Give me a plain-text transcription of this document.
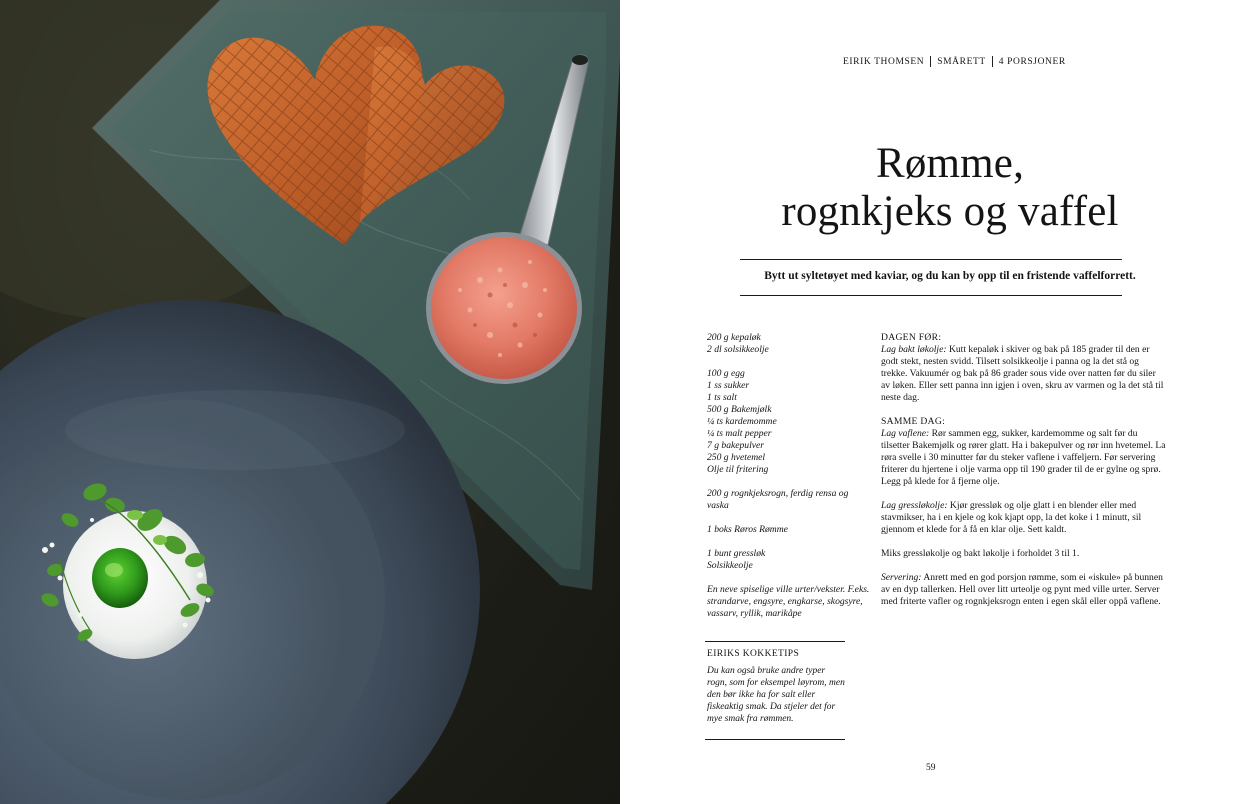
EIRIK THOMSEN SMÅRETT 4 PORSJONER
Rømme,
rognkjeks og vaffel
Bytt ut syltetøyet med kaviar, og du kan by opp til en fristende vaffelforrett.
200 g kepaløk
2 dl solsikkeolje
100 g egg
1 ss sukker
1 ts salt
500 g Bakemjølk
¼ ts kardemomme
¼ ts malt pepper
7 g bakepulver
250 g hvetemel
Olje til fritering
200 g rognkjeksrogn, ferdig rensa og vaska
1 boks Røros Rømme
1 bunt gressløk
Solsikkeolje
En neve spiselige ville urter/vekster. F.eks. strandarve, engsyre, engkarse, skogsyre, vassarv, ryllik, marikåpe
EIRIKS KOKKETIPS
Du kan også bruke andre typer rogn, som for eksempel løyrom, men den bør ikke ha for salt eller fiskeaktig smak. Da stjeler det for mye smak fra rømmen.
DAGEN FØR:
Lag bakt løkolje: Kutt kepaløk i skiver og bak på 185 grader til den er godt stekt, nesten svidd. Tilsett solsikkeolje i panna og la det stå og trekke. Vakuumér og bak på 86 grader sous vide over natten før du siler av løken. Eller sett panna inn igjen i oven, skru av varmen og la det stå til neste dag.
SAMME DAG:
Lag vaflene: Rør sammen egg, sukker, kardemomme og salt før du tilsetter Bakemjølk og rører glatt. Ha i bakepulver og rør inn hvetemel. La røra svelle i 30 minutter før du steker vaflene i vaffeljern. Før servering friterer du hjertene i olje varma opp til 190 grader til de er gylne og sprø. Legg på klede for å fjerne olje.
Lag gressløkolje: Kjør gressløk og olje glatt i en blender eller med stavmikser, ha i en kjele og kok kjapt opp, la det koke i 1 minutt, sil gjennom et klede for å få en klar olje. Sett kaldt.
Miks gressløkolje og bakt løkolje i forholdet 3 til 1.
Servering: Anrett med en god porsjon rømme, som ei «iskule» på bunnen av en dyp tallerken. Hell over litt urteolje og pynt med ville urter. Server med friterte vafler og rognkjeksrogn enten i egen skål eller oppå vaflene.
59
